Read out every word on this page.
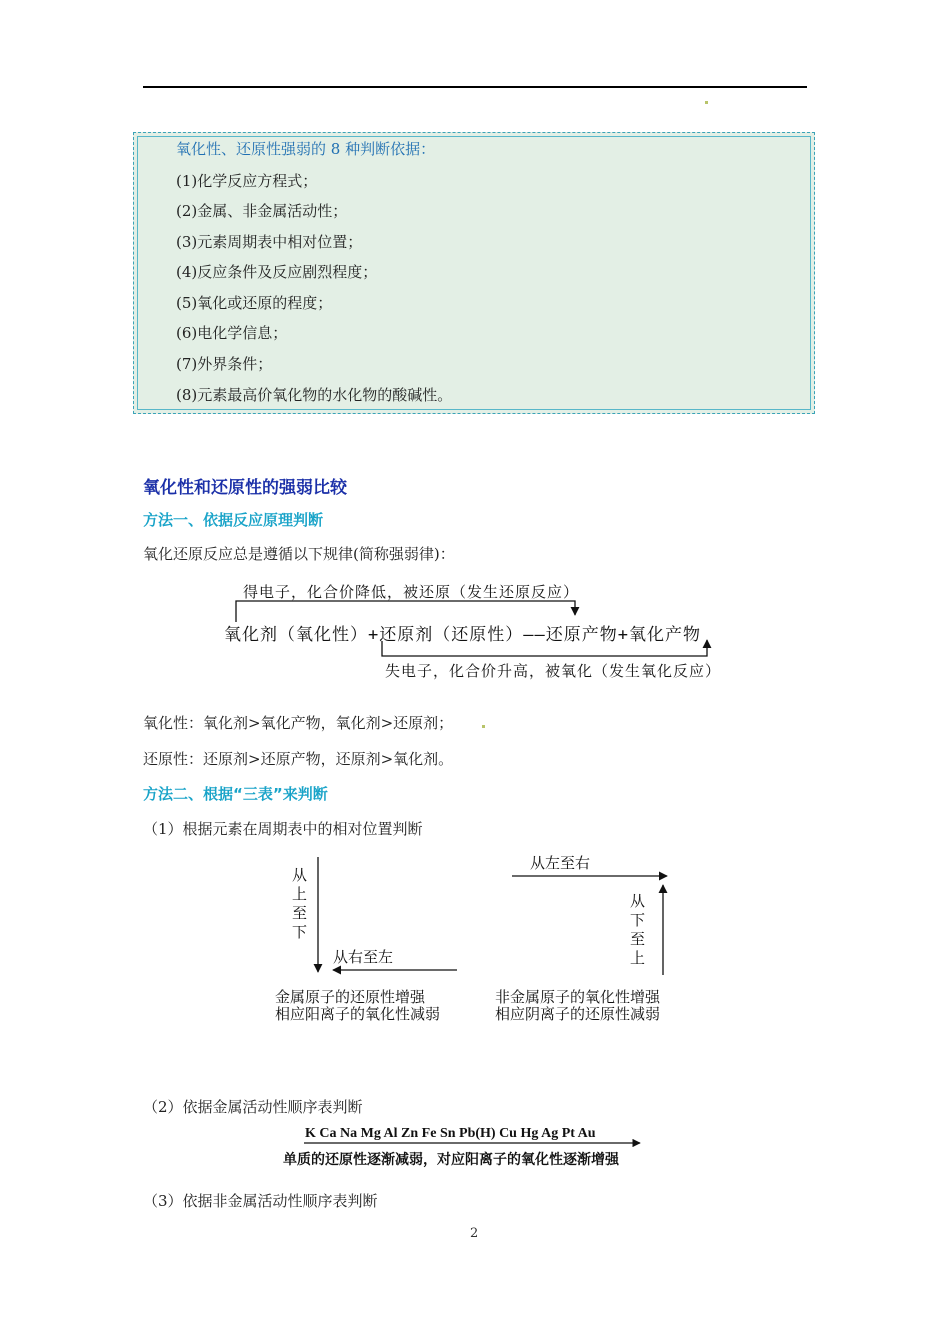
氧化性、还原性强弱的 8 种判断依据：
(1)化学反应方程式；
(2)金属、非金属活动性；
(3)元素周期表中相对位置；
(4)反应条件及反应剧烈程度；
(5)氧化或还原的程度；
(6)电化学信息；
(7)外界条件；
(8)元素最高价氧化物的水化物的酸碱性。
氧化性和还原性的强弱比较
方法一、依据反应原理判断
氧化还原反应总是遵循以下规律(简称强弱律)：
得电子，化合价降低，被还原（发生还原反应）
氧化剂（氧化性）+还原剂（还原性）——还原产物+氧化产物
失电子，化合价升高，被氧化（发生氧化反应）
氧化性：氧化剂>氧化产物，氧化剂>还原剂；
还原性：还原剂>还原产物，还原剂>氧化剂。
方法二、根据“三表”来判断
（1）根据元素在周期表中的相对位置判断
从上至下
从右至左
金属原子的还原性增强
相应阳离子的氧化性减弱
从左至右
从下至上
非金属原子的氧化性增强
相应阴离子的还原性减弱
（2）依据金属活动性顺序表判断
K Ca Na Mg Al Zn Fe Sn Pb(H) Cu Hg Ag Pt Au
单质的还原性逐渐减弱，对应阳离子的氧化性逐渐增强
（3）依据非金属活动性顺序表判断
2
